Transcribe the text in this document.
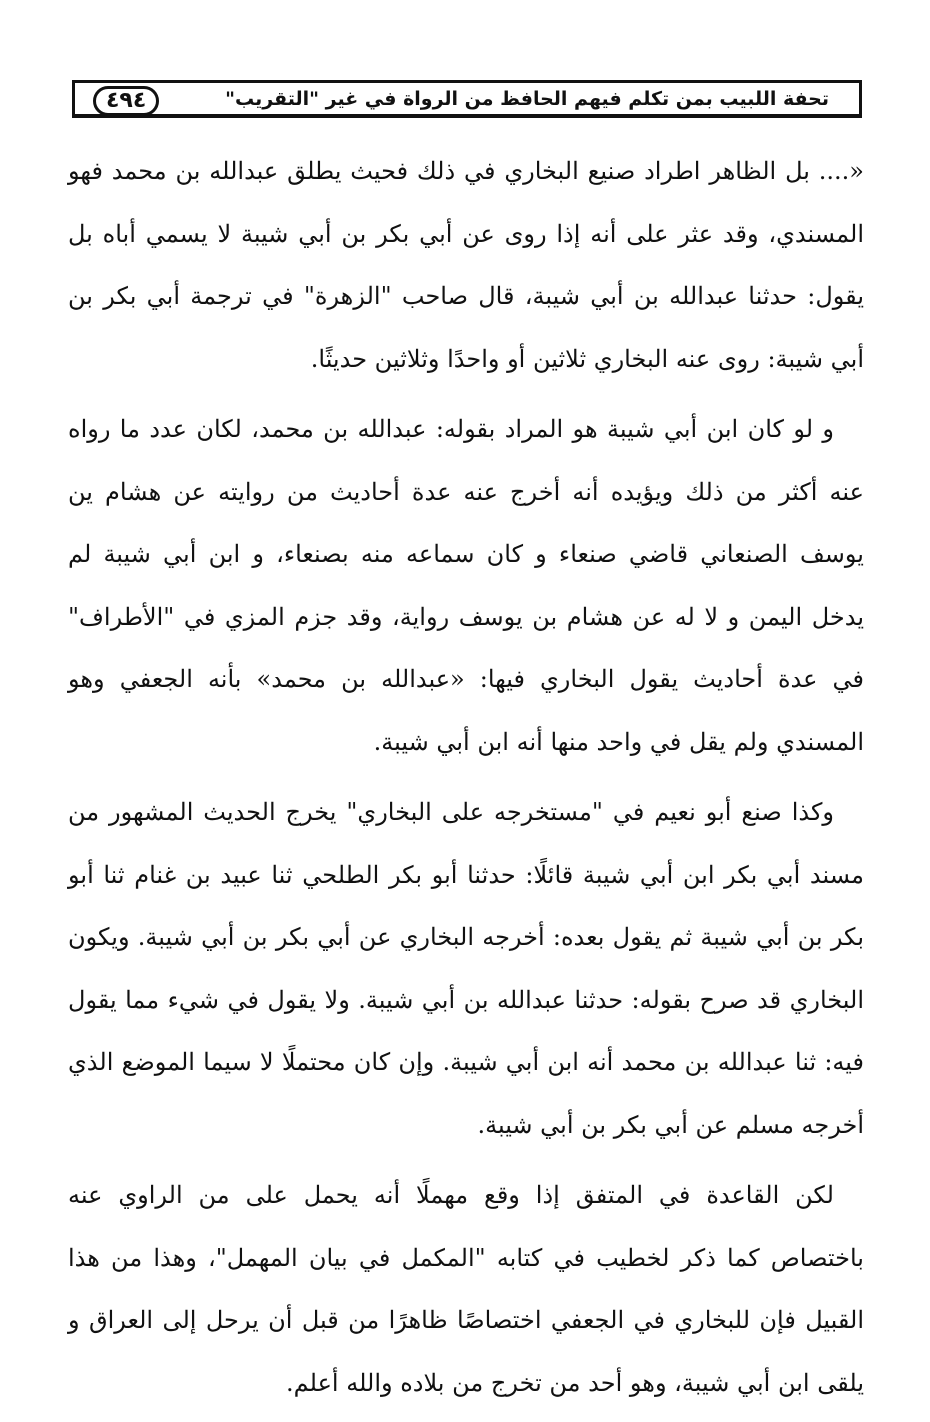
٤٩٤	تحفة اللبيب بمن تكلم فيهم الحافظ من الرواة في غير "التقريب"

«.... بل الظاهر اطراد صنيع البخاري في ذلك فحيث يطلق عبدالله بن محمد فهو المسندي، وقد عثر على أنه إذا روى عن أبي بكر بن أبي شيبة لا يسمي أباه بل يقول: حدثنا عبدالله بن أبي شيبة، قال صاحب "الزهرة" في ترجمة أبي بكر بن أبي شيبة: روى عنه البخاري ثلاثين أو واحدًا وثلاثين حديثًا.

و لو كان ابن أبي شيبة هو المراد بقوله: عبدالله بن محمد، لكان عدد ما رواه عنه أكثر من ذلك ويؤيده أنه أخرج عنه عدة أحاديث من روايته عن هشام ين يوسف الصنعاني قاضي صنعاء و كان سماعه منه بصنعاء، و ابن أبي شيبة لم يدخل اليمن و لا له عن هشام بن يوسف رواية، وقد جزم المزي في "الأطراف" في عدة أحاديث يقول البخاري فيها: «عبدالله بن محمد» بأنه الجعفي وهو المسندي ولم يقل في واحد منها أنه ابن أبي شيبة.

وكذا صنع أبو نعيم في "مستخرجه على البخاري" يخرج الحديث المشهور من مسند أبي بكر ابن أبي شيبة قائلًا: حدثنا أبو بكر الطلحي ثنا عبيد بن غنام ثنا أبو بكر بن أبي شيبة ثم يقول بعده: أخرجه البخاري عن أبي بكر بن أبي شيبة. ويكون البخاري قد صرح بقوله: حدثنا عبدالله بن أبي شيبة. ولا يقول في شيء مما يقول فيه: ثنا عبدالله بن محمد أنه ابن أبي شيبة. وإن كان محتملًا لا سيما الموضع الذي أخرجه مسلم عن أبي بكر بن أبي شيبة.

لكن القاعدة في المتفق إذا وقع مهملًا أنه يحمل على من الراوي عنه باختصاص كما ذكر لخطيب في كتابه "المكمل في بيان المهمل"، وهذا من هذا القبيل فإن للبخاري في الجعفي اختصاصًا ظاهرًا من قبل أن يرحل إلى العراق و يلقى ابن أبي شيبة، وهو أحد من تخرج من بلاده والله أعلم.
